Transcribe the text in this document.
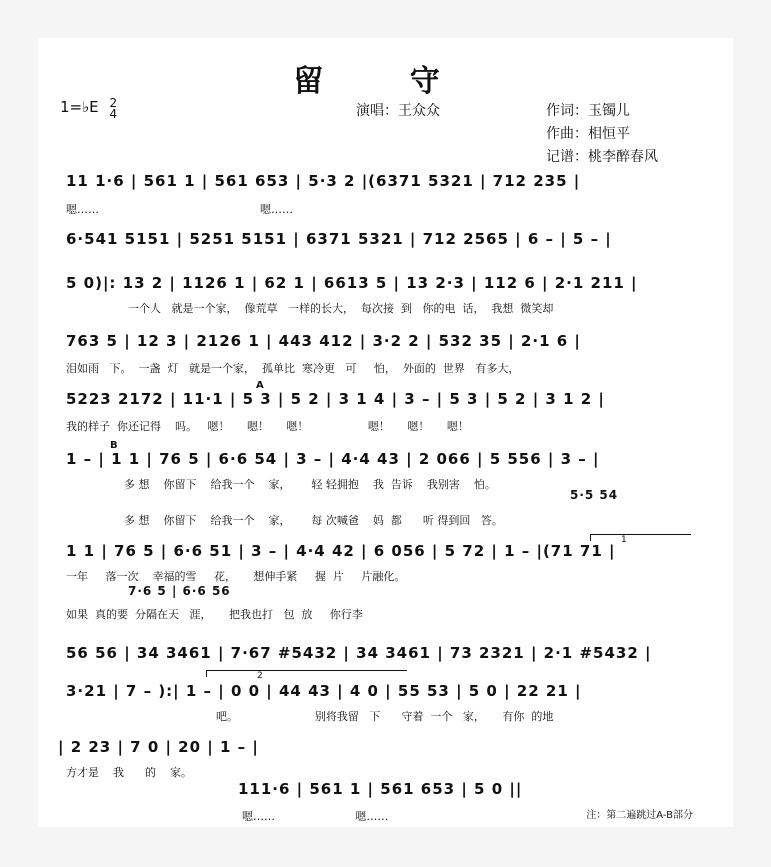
留 守
1=♭E 2
4	演唱：王众众	作词：玉镯儿
作曲：相恒平
记谱：桃李醉春风
11 1·6 | 561 1 | 561 653 | 5·3 2 |(6371 5321 | 712 235 |
嗯……	嗯……
6·541 5151 | 5251 5151 | 6371 5321 | 712 2565 | 6 – | 5 – |
5 0)|: 13 2 | 1126 1 | 62 1 | 6613 5 | 13 2·3 | 112 6 | 2·1 211 |
一个人   就是一个家，  像荒草   一样的长大，  每次接  到   你的电  话，  我想  微笑却
763 5 | 12 3 | 2126 1 | 443 412 | 3·2 2 | 532 35 | 2·1 6 |
泪如雨   下。  一盏  灯   就是一个家，  孤单比  寒冷更   可     怕，  外面的  世界   有多大，
A
5223 2172 | 11·1 | 5 3 | 5 2 | 3 1 4 | 3 – | 5 3 | 5 2 | 3 1 2 |
我的样子  你还记得    吗。   嗯！     嗯！     嗯！                 嗯！     嗯！     嗯！
B
1 – | 1 1 | 76 5 | 6·6 54 | 3 – | 4·4 43 | 2 066 | 5 556 | 3 – |
多 想    你留下    给我一个    家，      轻 轻拥抱    我  告诉    我别害    怕。
5·5 54
多 想    你留下    给我一个    家，      每 次喊爸    妈  都      听 得到回   答。
1
1 1 | 76 5 | 6·6 51 | 3 – | 4·4 42 | 6 056 | 5 72 | 1 – |(71 71 |
一年     落一次    幸福的雪     花，     想伸手紧     握  片     片融化。
7·6 5 | 6·6 56
如果  真的要  分隔在天   涯，     把我也打   包  放     你行李
56 56 | 34 3461 | 7·67 #5432 | 34 3461 | 73 2321 | 2·1 #5432 |
2
3·21 | 7 – ):| 1 – | 0 0 | 44 43 | 4 0 | 55 53 | 5 0 | 22 21 |
吧。                      别将我留   下      守着  一个   家，     有你  的地
| 2 23 | 7 0 | 20 | 1 – |
方才是    我      的    家。
111·6 | 561 1 | 561 653 | 5 0 ||
嗯……                       嗯……	注：第二遍跳过A-B部分
